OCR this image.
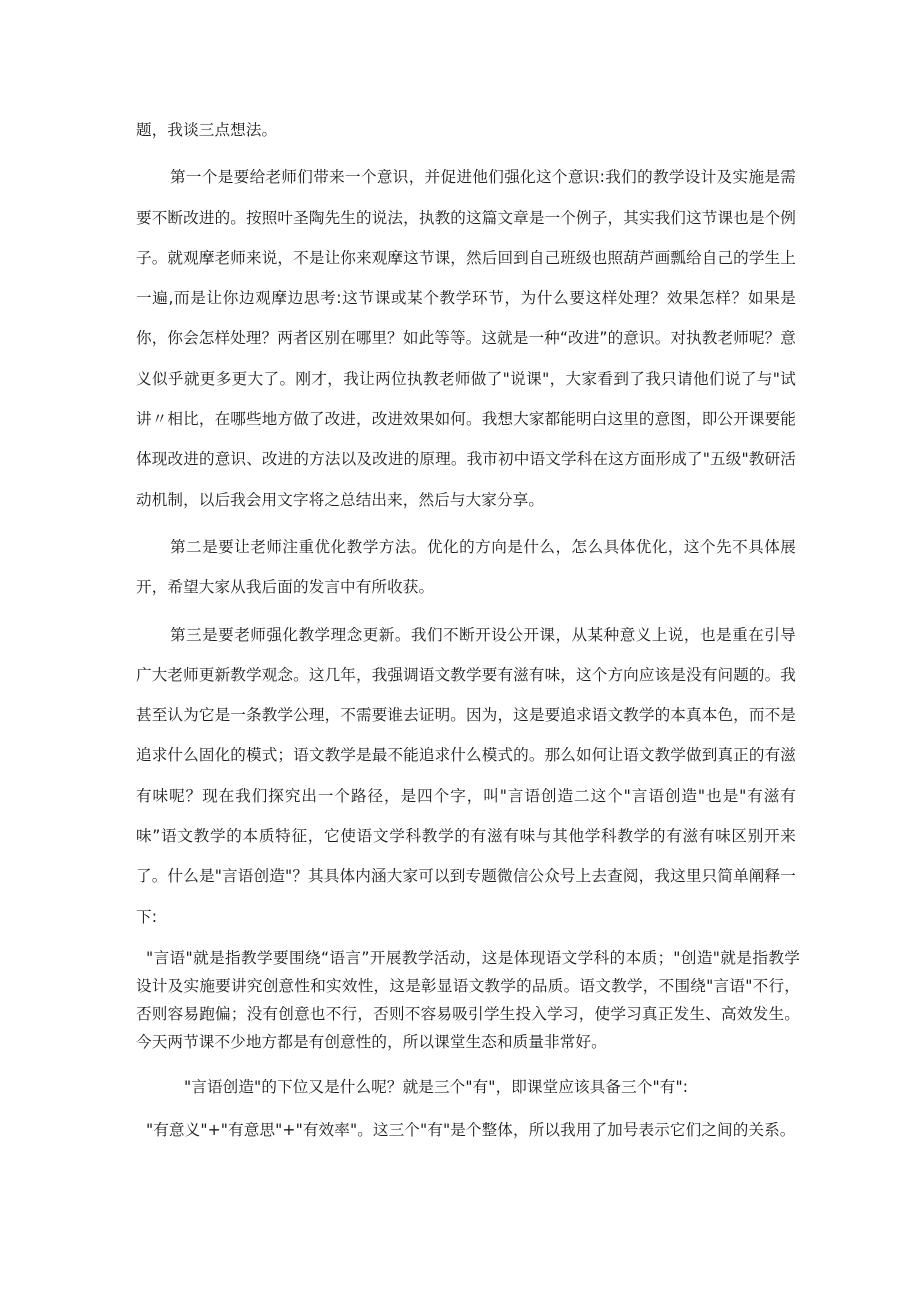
题，我谈三点想法。

第一个是要给老师们带来一个意识，并促进他们强化这个意识:我们的教学设计及实施是需要不断改进的。按照叶圣陶先生的说法，执教的这篇文章是一个例子，其实我们这节课也是个例子。就观摩老师来说，不是让你来观摩这节课，然后回到自己班级也照葫芦画瓢给自己的学生上一遍,而是让你边观摩边思考:这节课或某个教学环节，为什么要这样处理？效果怎样？如果是你，你会怎样处理？两者区别在哪里？如此等等。这就是一种“改进”的意识。对执教老师呢？意义似乎就更多更大了。刚才，我让两位执教老师做了"说课"，大家看到了我只请他们说了与"试讲〃相比，在哪些地方做了改进，改进效果如何。我想大家都能明白这里的意图，即公开课要能体现改进的意识、改进的方法以及改进的原理。我市初中语文学科在这方面形成了"五级"教研活动机制，以后我会用文字将之总结出来，然后与大家分享。

第二是要让老师注重优化教学方法。优化的方向是什么，怎么具体优化，这个先不具体展开，希望大家从我后面的发言中有所收获。

第三是要老师强化教学理念更新。我们不断开设公开课，从某种意义上说，也是重在引导广大老师更新教学观念。这几年，我强调语文教学要有滋有味，这个方向应该是没有问题的。我甚至认为它是一条教学公理，不需要谁去证明。因为，这是要追求语文教学的本真本色，而不是追求什么固化的模式；语文教学是最不能追求什么模式的。那么如何让语文教学做到真正的有滋有味呢？现在我们探究出一个路径，是四个字，叫"言语创造二这个"言语创造"也是"有滋有味”语文教学的本质特征，它使语文学科教学的有滋有味与其他学科教学的有滋有味区别开来了。什么是"言语创造"？其具体内涵大家可以到专题微信公众号上去查阅，我这里只简单阐释一下:

"言语"就是指教学要围绕“语言”开展教学活动，这是体现语文学科的本质；"创造"就是指教学设计及实施要讲究创意性和实效性，这是彰显语文教学的品质。语文教学，不围绕"言语"不行，否则容易跑偏；没有创意也不行，否则不容易吸引学生投入学习，使学习真正发生、高效发生。今天两节课不少地方都是有创意性的，所以课堂生态和质量非常好。

"言语创造"的下位又是什么呢？就是三个"有"，即课堂应该具备三个"有":

"有意义"+"有意思"+"有效率"。这三个"有"是个整体，所以我用了加号表示它们之间的关系。
